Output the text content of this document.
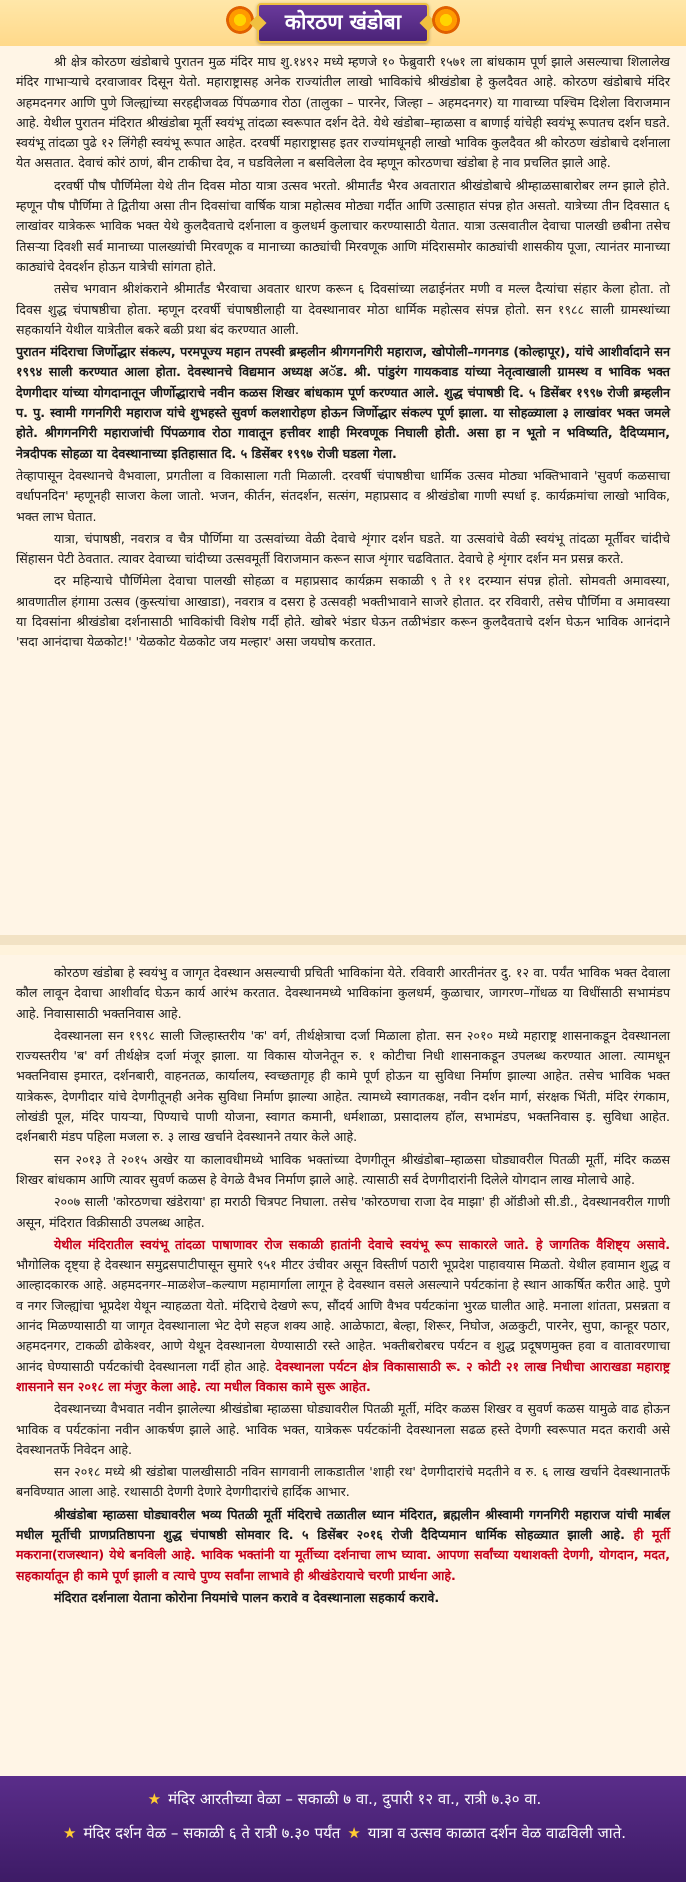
कोरठण खंडोबा

श्री क्षेत्र कोरठण खंडोबाचे पुरातन मुळ मंदिर माघ शु.१४९२ मध्ये म्हणजे १० फेब्रुवारी १५७१ ला बांधकाम पूर्ण झाले असल्याचा शिलालेख मंदिर गाभाऱ्याचे दरवाजावर दिसून येतो. महाराष्ट्रासह अनेक राज्यांतील लाखो भाविकांचे श्रीखंडोबा हे कुलदैवत आहे. कोरठण खंडोबाचे मंदिर अहमदनगर आणि पुणे जिल्ह्यांच्या सरहद्दीजवळ पिंपळगाव रोठा (तालुका – पारनेर, जिल्हा – अहमदनगर) या गावाच्या पश्चिम दिशेला विराजमान आहे. येथील पुरातन मंदिरात श्रीखंडोबा मूर्ती स्वयंभू तांदळा स्वरूपात दर्शन देते. येथे खंडोबा–म्हाळसा व बाणाई यांचेही स्वयंभू रूपातच दर्शन घडते. स्वयंभू तांदळा पुढे १२ लिंगेही स्वयंभू रूपात आहेत. दरवर्षी महाराष्ट्रासह इतर राज्यांमधूनही लाखो भाविक कुलदैवत श्री कोरठण खंडोबाचे दर्शनाला येत असतात. देवाचं कोरं ठाणं, बीन टाकीचा देव, न घडविलेला न बसविलेला देव म्हणून कोरठणचा खंडोबा हे नाव प्रचलित झाले आहे.

दरवर्षी पौष पौर्णिमेला येथे तीन दिवस मोठा यात्रा उत्सव भरतो. श्रीमार्तंड भैरव अवतारात श्रीखंडोबाचे श्रीम्हाळसाबारोबर लग्न झाले होते. म्हणून पौष पौर्णिमा ते द्वितीया असा तीन दिवसांचा वार्षिक यात्रा महोत्सव मोठ्या गर्दीत आणि उत्साहात संपन्न होत असतो. यात्रेच्या तीन दिवसात ६ लाखांवर यात्रेकरू भाविक भक्त येथे कुलदैवताचे दर्शनाला व कुलधर्म कुलाचार करण्यासाठी येतात. यात्रा उत्सवातील देवाचा पालखी छबीना तसेच तिसऱ्या दिवशी सर्व मानाच्या पालख्यांची मिरवणूक व मानाच्या काठ्यांची मिरवणूक आणि मंदिरासमोर काठ्यांची शासकीय पूजा, त्यानंतर मानाच्या काठ्यांचे देवदर्शन होऊन यात्रेची सांगता होते.

तसेच भगवान श्रीशंकराने श्रीमार्तंड भैरवाचा अवतार धारण करून ६ दिवसांच्या लढाईनंतर मणी व मल्ल दैत्यांचा संहार केला होता. तो दिवस शुद्ध चंपाषष्ठीचा होता. म्हणून दरवर्षी चंपाषष्ठीलाही या देवस्थानावर मोठा धार्मिक महोत्सव संपन्न होतो. सन १९८८ साली ग्रामस्थांच्या सहकार्याने येथील यात्रेतील बकरे बळी प्रथा बंद करण्यात आली.

पुरातन मंदिराचा जिर्णोद्धार संकल्प, परमपूज्य महान तपस्वी ब्रम्हलीन श्रीगगनगिरी महाराज, खोपोली–गगनगड (कोल्हापूर), यांचे आशीर्वादाने सन १९९४ साली करण्यात आला होता. देवस्थानचे विद्यमान अध्यक्ष अॅड. श्री. पांडुरंग गायकवाड यांच्या नेतृत्वाखाली ग्रामस्थ व भाविक भक्त देणगीदार यांच्या योगदानातून जीर्णोद्धाराचे नवीन कळस शिखर बांधकाम पूर्ण करण्यात आले. शुद्ध चंपाषष्ठी दि. ५ डिसेंबर १९९७ रोजी ब्रम्हलीन प. पु. स्वामी गगनगिरी महाराज यांचे शुभहस्ते सुवर्ण कलशारोहण होऊन जिर्णोद्धार संकल्प पूर्ण झाला. या सोहळ्याला ३ लाखांवर भक्त जमले होते. श्रीगगनगिरी महाराजांची पिंपळगाव रोठा गावातून हत्तीवर शाही मिरवणूक निघाली होती. असा हा न भूतो न भविष्यति, दैदिप्यमान, नेत्रदीपक सोहळा या देवस्थानाच्या इतिहासात दि. ५ डिसेंबर १९९७ रोजी घडला गेला.

तेव्हापासून देवस्थानचे वैभवाला, प्रगतीला व विकासाला गती मिळाली. दरवर्षी चंपाषष्ठीचा धार्मिक उत्सव मोठ्या भक्तिभावाने 'सुवर्ण कळसाचा वर्धापनदिन' म्हणूनही साजरा केला जातो. भजन, कीर्तन, संतदर्शन, सत्संग, महाप्रसाद व श्रीखंडोबा गाणी स्पर्धा इ. कार्यक्रमांचा लाखो भाविक, भक्त लाभ घेतात.

यात्रा, चंपाषष्ठी, नवरात्र व चैत्र पौर्णिमा या उत्सवांच्या वेळी देवाचे शृंगार दर्शन घडते. या उत्सवांचे वेळी स्वयंभू तांदळा मूर्तीवर चांदीचे सिंहासन पेटी ठेवतात. त्यावर देवाच्या चांदीच्या उत्सवमूर्ती विराजमान करून साज शृंगार चढवितात. देवाचे हे शृंगार दर्शन मन प्रसन्न करते.

दर महिन्याचे पौर्णिमेला देवाचा पालखी सोहळा व महाप्रसाद कार्यक्रम सकाळी ९ ते ११ दरम्यान संपन्न होतो. सोमवती अमावस्या, श्रावणातील हंगामा उत्सव (कुस्त्यांचा आखाडा), नवरात्र व दसरा हे उत्सवही भक्तीभावाने साजरे होतात. दर रविवारी, तसेच पौर्णिमा व अमावस्या या दिवसांना श्रीखंडोबा दर्शनासाठी भाविकांची विशेष गर्दी होते. खोबरे भंडार घेऊन तळीभंडार करून कुलदैवताचे दर्शन घेऊन भाविक आनंदाने 'सदा आनंदाचा येळकोट!' 'येळकोट येळकोट जय मल्हार' असा जयघोष करतात.

कोरठण खंडोबा हे स्वयंभु व जागृत देवस्थान असल्याची प्रचिती भाविकांना येते. रविवारी आरतीनंतर दु. १२ वा. पर्यंत भाविक भक्त देवाला कौल लावून देवाचा आशीर्वाद घेऊन कार्य आरंभ करतात. देवस्थानमध्ये भाविकांना कुलधर्म, कुळाचार, जागरण–गोंधळ या विधींसाठी सभामंडप आहे. निवासासाठी भक्तनिवास आहे.

देवस्थानला सन १९९८ साली जिल्हास्तरीय 'क' वर्ग, तीर्थक्षेत्राचा दर्जा मिळाला होता. सन २०१० मध्ये महाराष्ट्र शासनाकडून देवस्थानला राज्यस्तरीय 'ब' वर्ग तीर्थक्षेत्र दर्जा मंजूर झाला. या विकास योजनेतून रु. १ कोटीचा निधी शासनाकडून उपलब्ध करण्यात आला. त्यामधून भक्तनिवास इमारत, दर्शनबारी, वाहनतळ, कार्यालय, स्वच्छतागृह ही कामे पूर्ण होऊन या सुविधा निर्माण झाल्या आहेत. तसेच भाविक भक्त यात्रेकरू, देणगीदार यांचे देणगीतूनही अनेक सुविधा निर्माण झाल्या आहेत. त्यामध्ये स्वागतकक्ष, नवीन दर्शन मार्ग, संरक्षक भिंती, मंदिर रंगकाम, लोखंडी पूल, मंदिर पायऱ्या, पिण्याचे पाणी योजना, स्वागत कमानी, धर्मशाळा, प्रसादालय हॉल, सभामंडप, भक्तनिवास इ. सुविधा आहेत. दर्शनबारी मंडप पहिला मजला रु. ३ लाख खर्चाने देवस्थानने तयार केले आहे.

सन २०१३ ते २०१५ अखेर या कालावधीमध्ये भाविक भक्तांच्या देणगीतून श्रीखंडोबा–म्हाळसा घोड्यावरील पितळी मूर्ती, मंदिर कळस शिखर बांधकाम आणि त्यावर सुवर्ण कळस हे वेगळे वैभव निर्माण झाले आहे. त्यासाठी सर्व देणगीदारांनी दिलेले योगदान लाख मोलाचे आहे.

२००७ साली 'कोरठणचा खंडेराया' हा मराठी चित्रपट निघाला. तसेच 'कोरठणचा राजा देव माझा' ही ऑडीओ सी.डी., देवस्थानवरील गाणी असून, मंदिरात विक्रीसाठी उपलब्ध आहेत.

येथील मंदिरातील स्वयंभू तांदळा पाषाणावर रोज सकाळी हातांनी देवाचे स्वयंभू रूप साकारले जाते. हे जागतिक वैशिष्ट्य असावे. भौगोलिक दृष्ट्या हे देवस्थान समुद्रसपाटीपासून सुमारे ९५१ मीटर उंचीवर असून विस्तीर्ण पठारी भूप्रदेश पाहावयास मिळतो. येथील हवामान शुद्ध व आल्हादकारक आहे. अहमदनगर–माळशेज–कल्याण महामार्गाला लागून हे देवस्थान वसले असल्याने पर्यटकांना हे स्थान आकर्षित करीत आहे. पुणे व नगर जिल्ह्यांचा भूप्रदेश येथून न्याहळता येतो. मंदिराचे देखणे रूप, सौंदर्य आणि वैभव पर्यटकांना भुरळ घालीत आहे. मनाला शांतता, प्रसन्नता व आनंद मिळण्यासाठी या जागृत देवस्थानाला भेट देणे सहज शक्य आहे. आळेफाटा, बेल्हा, शिरूर, निघोज, अळकुटी, पारनेर, सुपा, कान्हूर पठार, अहमदनगर, टाकळी ढोकेश्वर, आणे येथून देवस्थानला येण्यासाठी रस्ते आहेत. भक्तीबरोबरच पर्यटन व शुद्ध प्रदूषणमुक्त हवा व वातावरणाचा आनंद घेण्यासाठी पर्यटकांची देवस्थानला गर्दी होत आहे. देवस्थानला पर्यटन क्षेत्र विकासासाठी रू. २ कोटी २१ लाख निधीचा आराखडा महाराष्ट्र शासनाने सन २०१८ ला मंजुर केला आहे. त्या मधील विकास कामे सुरू आहेत.

देवस्थानच्या वैभवात नवीन झालेल्या श्रीखंडोबा म्हाळसा घोड्यावरील पितळी मूर्ती, मंदिर कळस शिखर व सुवर्ण कळस यामुळे वाढ होऊन भाविक व पर्यटकांना नवीन आकर्षण झाले आहे. भाविक भक्त, यात्रेकरू पर्यटकांनी देवस्थानला सढळ हस्ते देणगी स्वरूपात मदत करावी असे देवस्थानतर्फे निवेदन आहे.

सन २०१८ मध्ये श्री खंडोबा पालखीसाठी नविन सागवानी लाकडातील 'शाही रथ' देणगीदारांचे मदतीने व रु. ६ लाख खर्चाने देवस्थानातर्फे बनविण्यात आला आहे. रथासाठी देणगी देणारे देणगीदारांचे हार्दिक आभार.

श्रीखंडोबा म्हाळसा घोड्यावरील भव्य पितळी मूर्ती मंदिराचे तळातील ध्यान मंदिरात, ब्रह्मलीन श्रीस्वामी गगनगिरी महाराज यांची मार्बल मधील मूर्तीची प्राणप्रतिष्ठापना शुद्ध चंपाषष्ठी सोमवार दि. ५ डिसेंबर २०१६ रोजी दैदिप्यमान धार्मिक सोहळ्यात झाली आहे. ही मूर्ती मकराना(राजस्थान) येथे बनविली आहे. भाविक भक्तांनी या मूर्तीच्या दर्शनाचा लाभ घ्यावा. आपणा सर्वांच्या यथाशक्ती देणगी, योगदान, मदत, सहकार्यातून ही कामे पूर्ण झाली व त्याचे पुण्य सर्वांना लाभावे ही श्रीखंडेरायाचे चरणी प्रार्थना आहे.

मंदिरात दर्शनाला येताना कोरोना नियमांचे पालन करावे व देवस्थानाला सहकार्य करावे.

★ मंदिर आरतीच्या वेळा – सकाळी ७ वा., दुपारी १२ वा., रात्री ७.३० वा.
★ मंदिर दर्शन वेळ – सकाळी ६ ते रात्री ७.३० पर्यंत ★ यात्रा व उत्सव काळात दर्शन वेळ वाढविली जाते.
